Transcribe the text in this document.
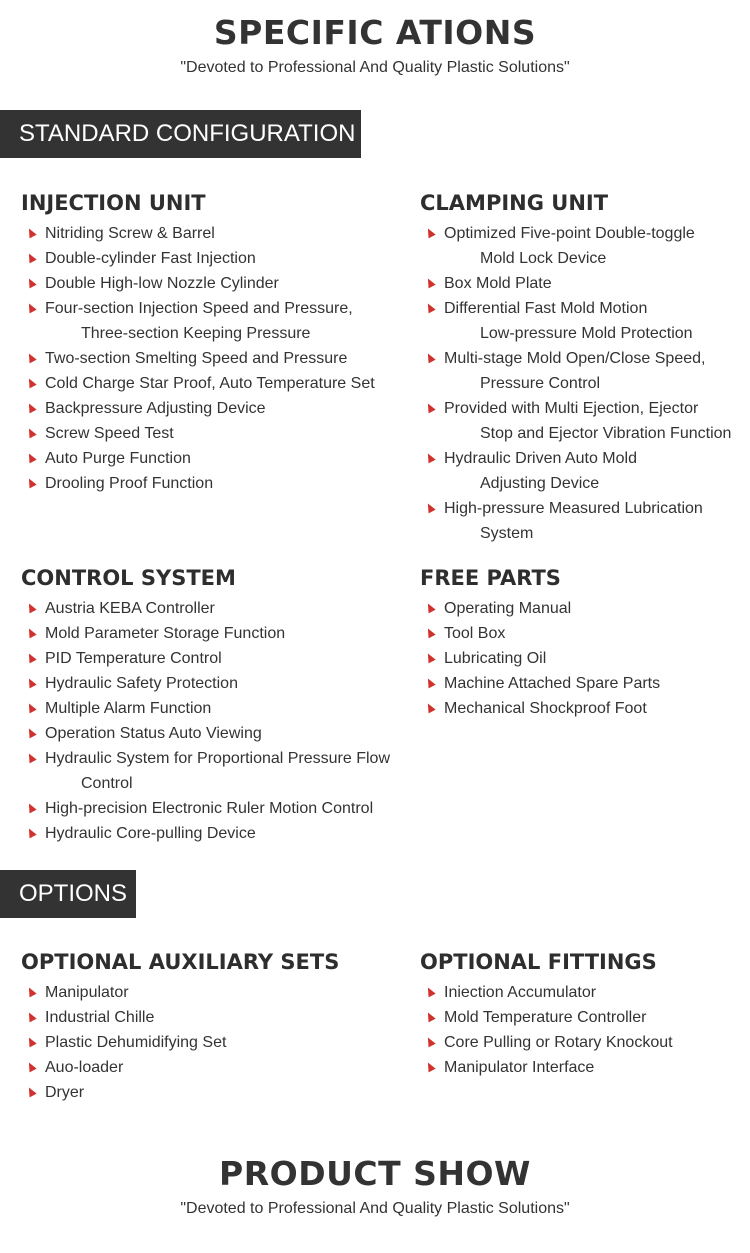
SPECIFIC ATIONS
"Devoted to Professional And Quality Plastic Solutions"
STANDARD CONFIGURATION
INJECTION UNIT
Nitriding Screw & Barrel
Double-cylinder Fast Injection
Double High-low Nozzle Cylinder
Four-section Injection Speed and Pressure,
Three-section Keeping Pressure
Two-section Smelting Speed and Pressure
Cold Charge Star Proof, Auto Temperature Set
Backpressure Adjusting Device
Screw Speed Test
Auto Purge Function
Drooling Proof Function
CLAMPING UNIT
Optimized Five-point Double-toggle
Mold Lock Device
Box Mold Plate
Differential Fast Mold Motion
Low-pressure Mold Protection
Multi-stage Mold Open/Close Speed,
Pressure Control
Provided with Multi Ejection, Ejector
Stop and Ejector Vibration Function
Hydraulic Driven Auto Mold
Adjusting Device
High-pressure Measured Lubrication
System
CONTROL SYSTEM
Austria KEBA Controller
Mold Parameter Storage Function
PID Temperature Control
Hydraulic Safety Protection
Multiple Alarm Function
Operation Status Auto Viewing
Hydraulic System for Proportional Pressure Flow
Control
High-precision Electronic Ruler Motion Control
Hydraulic Core-pulling Device
FREE PARTS
Operating Manual
Tool Box
Lubricating Oil
Machine Attached Spare Parts
Mechanical Shockproof Foot
OPTIONS
OPTIONAL AUXILIARY SETS
Manipulator
Industrial Chille
Plastic Dehumidifying Set
Auo-loader
Dryer
OPTIONAL FITTINGS
Iniection Accumulator
Mold Temperature Controller
Core Pulling or Rotary Knockout
Manipulator Interface
PRODUCT SHOW
"Devoted to Professional And Quality Plastic Solutions"
